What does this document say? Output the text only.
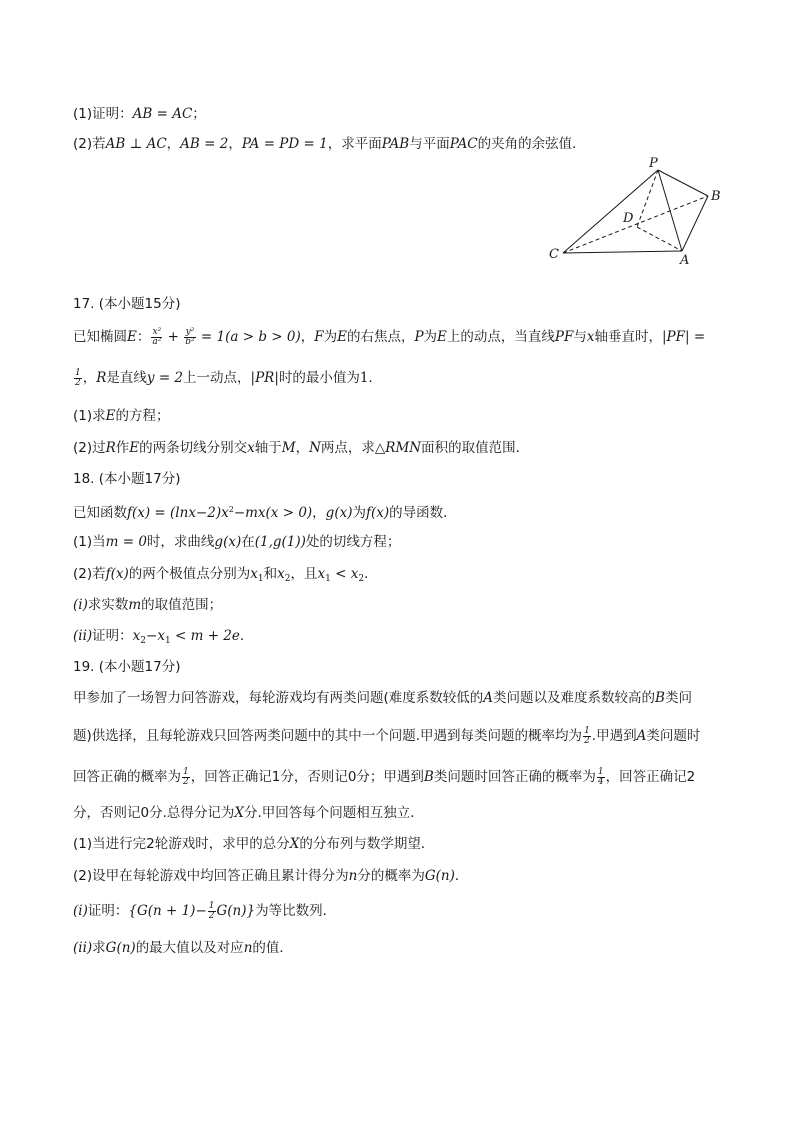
(1)证明：AB = AC；
(2)若AB ⊥ AC，AB = 2，PA = PD = 1，求平面PAB与平面PAC的夹角的余弦值．
P
B
D
C	A
17. (本小题15分)
已知椭圆E： $\frac{\text{x²}}{\text{a²}} + \frac{\text{y²}}{\text{b²}} = 1(a > b > 0)$，F为E的右焦点，P为E上的动点，当直线PF与x轴垂直时，|PF| =
$\frac{1}{2}$ ，R是直线y = 2上一动点，|PR|时的最小值为1．
(1)求E的方程；
(2)过R作E的两条切线分别交x轴于M，N两点，求△RMN面积的取值范围．
18. (本小题17分)
已知函数$f(x) = (\ln x-2)x^2-mx(x > 0)$，g(x)为f(x)的导函数．
(1)当m = 0时，求曲线g(x)在(1,g(1))处的切线方程；
(2)若f(x)的两个极值点分别为$x_1$和$x_2$，且$x_1 < x_2$．
(i)求实数m的取值范围；
(ii)证明：$x_2-x_1 < m + 2e$．
19. (本小题17分)
甲参加了一场智力问答游戏，每轮游戏均有两类问题(难度系数较低的A类问题以及难度系数较高的B类问
题)供选择，且每轮游戏只回答两类问题中的其中一个问题.甲遇到每类问题的概率均为 $\frac{1}{2}$ .甲遇到A类问题时
回答正确的概率为 $\frac{1}{2}$ ，回答正确记1分，否则记0分；甲遇到B类问题时回答正确的概率为 $\frac{1}{4}$ ，回答正确记2
分，否则记0分.总得分记为X分.甲回答每个问题相互独立．
(1)当进行完2轮游戏时，求甲的总分X的分布列与数学期望．
(2)设甲在每轮游戏中均回答正确且累计得分为n分的概率为G(n)．
(i)证明：$\{G(n + 1)- \frac{1}{2} G(n)\}$为等比数列．
(ii)求G(n)的最大值以及对应n的值．
